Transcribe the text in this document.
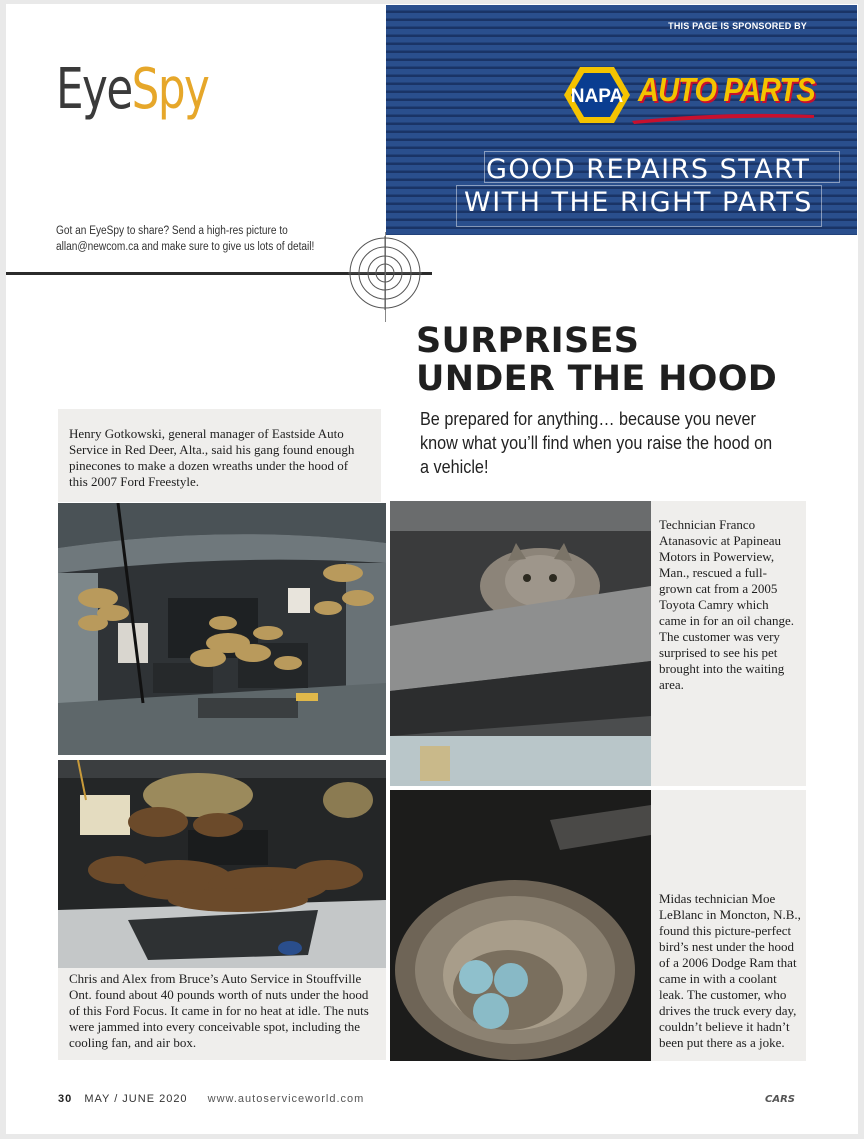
EyeSpy
Got an EyeSpy to share? Send a high-res picture to allan@newcom.ca and make sure to give us lots of detail!
THIS PAGE IS SPONSORED BY
NAPA AUTO PARTS
GOOD REPAIRS START
WITH THE RIGHT PARTS
SURPRISES
UNDER THE HOOD
Be prepared for anything… because you never know what you’ll find when you raise the hood on a vehicle!
Henry Gotkowski, general manager of Eastside Auto Service in Red Deer, Alta., said his gang found enough pinecones to make a dozen wreaths under the hood of this 2007 Ford Freestyle.
Technician Franco Atanasovic at Papineau Motors in Powerview, Man., rescued a full-grown cat from a 2005 Toyota Camry which came in for an oil change. The customer was very surprised to see his pet brought into the waiting area.
Chris and Alex from Bruce’s Auto Service in Stouffville Ont. found about 40 pounds worth of nuts under the hood of this Ford Focus. It came in for no heat at idle. The nuts were jammed into every conceivable spot, including the cooling fan, and air box.
Midas technician Moe LeBlanc in Moncton, N.B., found this picture-perfect bird’s nest under the hood of a 2006 Dodge Ram that came in with a coolant leak. The customer, who drives the truck every day, couldn’t believe it hadn’t been put there as a joke.
30 MAY / JUNE 2020 www.autoserviceworld.com	CARS
